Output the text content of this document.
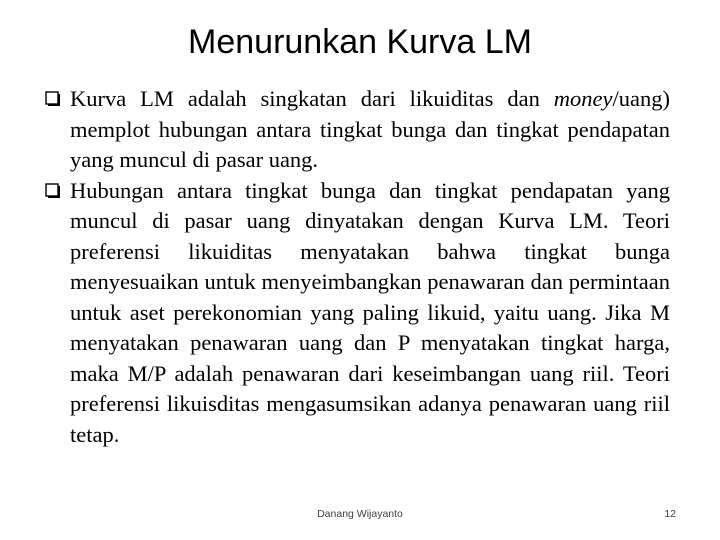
Menurunkan Kurva LM
Kurva LM adalah singkatan dari likuiditas dan money/uang) memplot hubungan antara tingkat bunga dan tingkat pendapatan yang muncul di pasar uang.
Hubungan antara tingkat bunga dan tingkat pendapatan yang muncul di pasar uang dinyatakan dengan Kurva LM. Teori preferensi likuiditas menyatakan bahwa tingkat bunga menyesuaikan untuk menyeimbangkan penawaran dan permintaan untuk aset perekonomian yang paling likuid, yaitu uang. Jika M menyatakan penawaran uang dan P menyatakan tingkat harga, maka M/P adalah penawaran dari keseimbangan uang riil. Teori preferensi likuisditas mengasumsikan adanya penawaran uang riil tetap.
Danang Wijayanto	12
